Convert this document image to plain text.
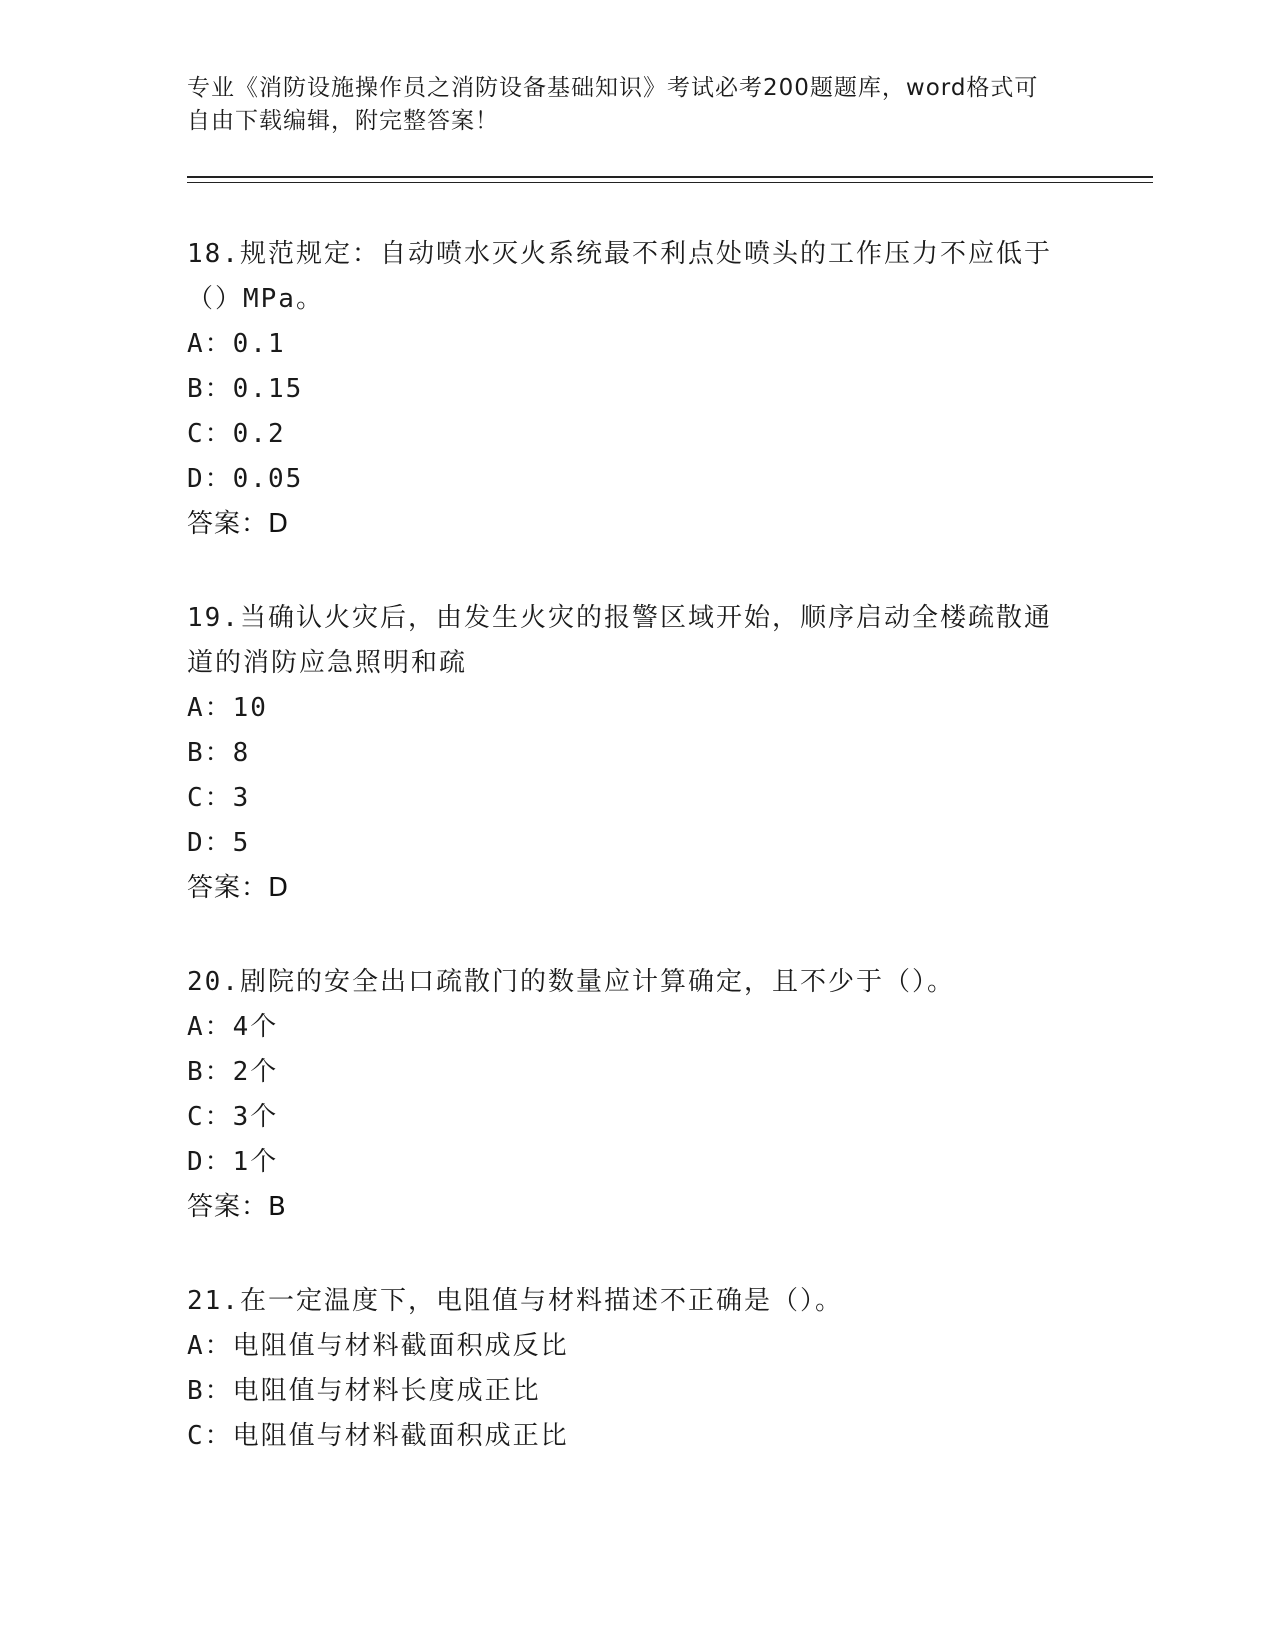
专业《消防设施操作员之消防设备基础知识》考试必考200题题库，word格式可
自由下载编辑，附完整答案！

18.规范规定：自动喷水灭火系统最不利点处喷头的工作压力不应低于

（）MPa。

A：0.1

B：0.15

C：0.2

D：0.05

答案：D

19.当确认火灾后，由发生火灾的报警区域开始，顺序启动全楼疏散通

道的消防应急照明和疏

A：10

B：8

C：3

D：5

答案：D

20.剧院的安全出口疏散门的数量应计算确定，且不少于（）。

A：4个

B：2个

C：3个

D：1个

答案：B

21.在一定温度下，电阻值与材料描述不正确是（）。

A：电阻值与材料截面积成反比

B：电阻值与材料长度成正比

C：电阻值与材料截面积成正比
